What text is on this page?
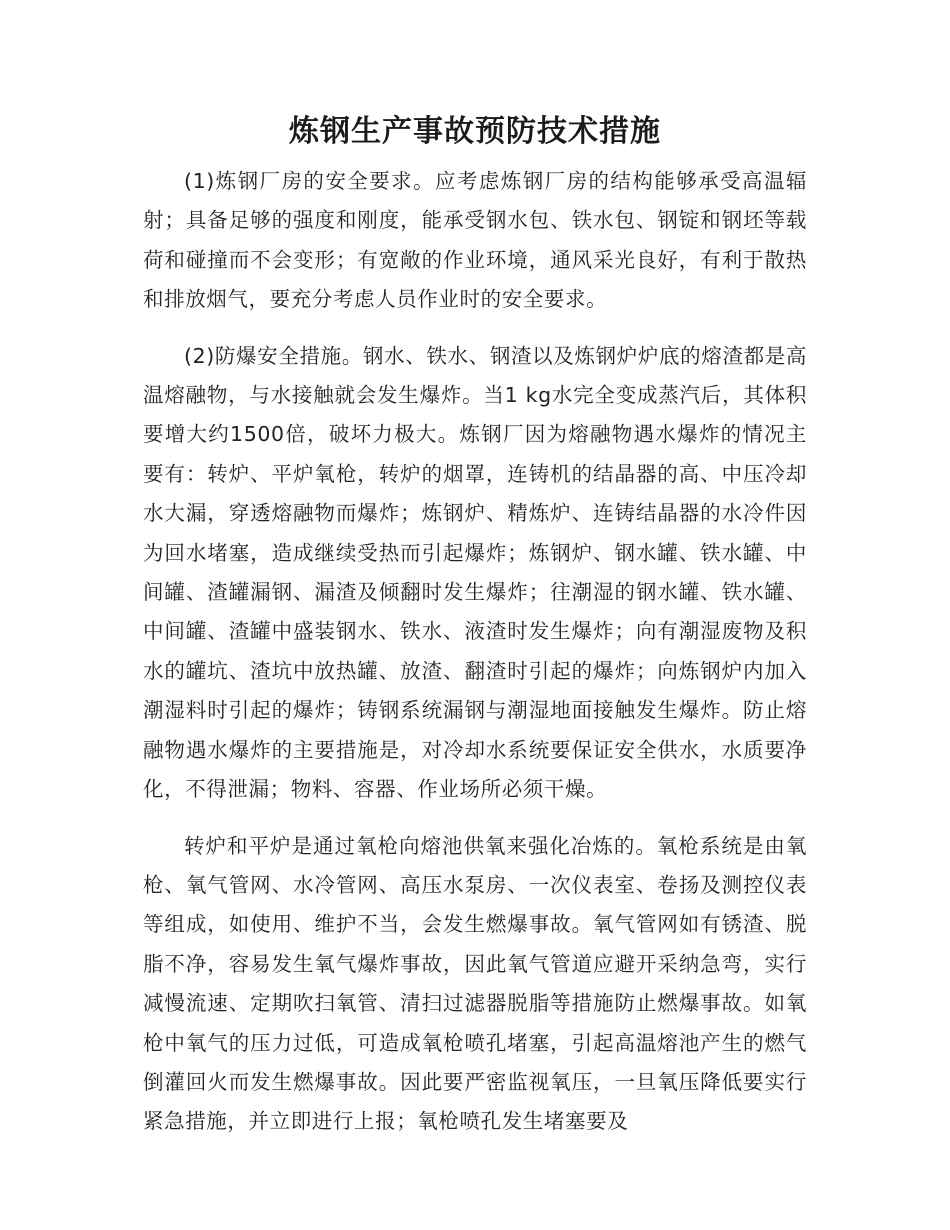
炼钢生产事故预防技术措施

(1)炼钢厂房的安全要求。应考虑炼钢厂房的结构能够承受高温辐射；具备足够的强度和刚度，能承受钢水包、铁水包、钢锭和钢坯等载荷和碰撞而不会变形；有宽敞的作业环境，通风采光良好，有利于散热和排放烟气，要充分考虑人员作业时的安全要求。

(2)防爆安全措施。钢水、铁水、钢渣以及炼钢炉炉底的熔渣都是高温熔融物，与水接触就会发生爆炸。当1 kg水完全变成蒸汽后，其体积要增大约1500倍，破坏力极大。炼钢厂因为熔融物遇水爆炸的情况主要有：转炉、平炉氧枪，转炉的烟罩，连铸机的结晶器的高、中压冷却水大漏，穿透熔融物而爆炸；炼钢炉、精炼炉、连铸结晶器的水冷件因为回水堵塞，造成继续受热而引起爆炸；炼钢炉、钢水罐、铁水罐、中间罐、渣罐漏钢、漏渣及倾翻时发生爆炸；往潮湿的钢水罐、铁水罐、中间罐、渣罐中盛装钢水、铁水、液渣时发生爆炸；向有潮湿废物及积水的罐坑、渣坑中放热罐、放渣、翻渣时引起的爆炸；向炼钢炉内加入潮湿料时引起的爆炸；铸钢系统漏钢与潮湿地面接触发生爆炸。防止熔融物遇水爆炸的主要措施是，对冷却水系统要保证安全供水，水质要净化，不得泄漏；物料、容器、作业场所必须干燥。

转炉和平炉是通过氧枪向熔池供氧来强化冶炼的。氧枪系统是由氧枪、氧气管网、水冷管网、高压水泵房、一次仪表室、卷扬及测控仪表等组成，如使用、维护不当，会发生燃爆事故。氧气管网如有锈渣、脱脂不净，容易发生氧气爆炸事故，因此氧气管道应避开采纳急弯，实行减慢流速、定期吹扫氧管、清扫过滤器脱脂等措施防止燃爆事故。如氧枪中氧气的压力过低，可造成氧枪喷孔堵塞，引起高温熔池产生的燃气倒灌回火而发生燃爆事故。因此要严密监视氧压，一旦氧压降低要实行紧急措施，并立即进行上报；氧枪喷孔发生堵塞要及
